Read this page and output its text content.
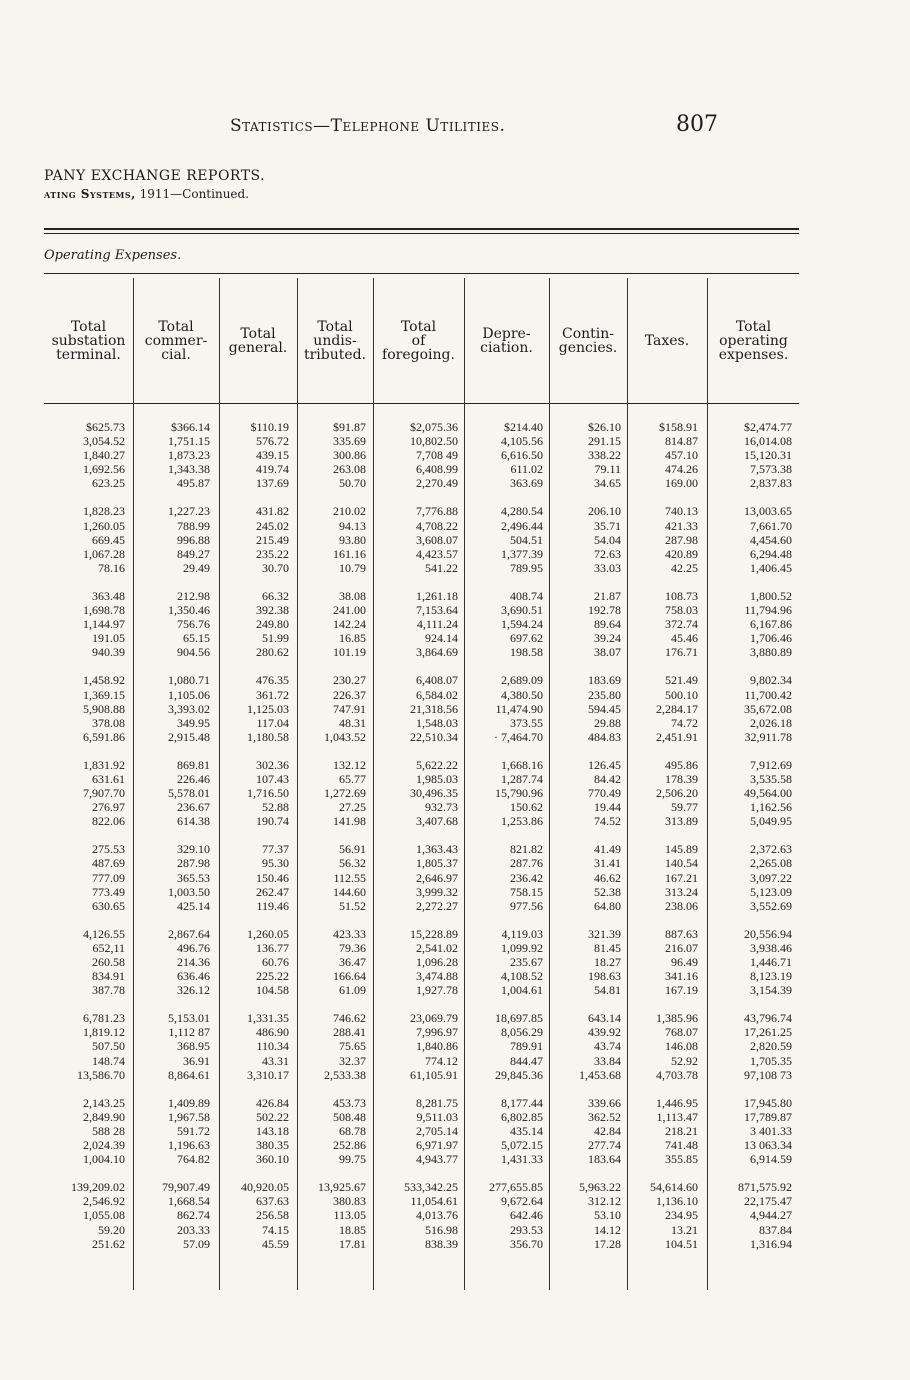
Statistics—Telephone Utilities.	807
PANY EXCHANGE REPORTS.
ating Systems, 1911—Continued.
Operating Expenses.
Total
substation
terminal.
$625.73
3,054.52
1,840.27
1,692.56
623.25
1,828.23
1,260.05
669.45
1,067.28
78.16
363.48
1,698.78
1,144.97
191.05
940.39
1,458.92
1,369.15
5,908.88
378.08
6,591.86
1,831.92
631.61
7,907.70
276.97
822.06
275.53
487.69
777.09
773.49
630.65
4,126.55
652,11
260.58
834.91
387.78
6,781.23
1,819.12
507.50
148.74
13,586.70
2,143.25
2,849.90
588 28
2,024.39
1,004.10
139,209.02
2,546.92
1,055.08
59.20
251.62
Total
commer-
cial.
$366.14
1,751.15
1,873.23
1,343.38
495.87
1,227.23
788.99
996.88
849.27
29.49
212.98
1,350.46
756.76
65.15
904.56
1,080.71
1,105.06
3,393.02
349.95
2,915.48
869.81
226.46
5,578.01
236.67
614.38
329.10
287.98
365.53
1,003.50
425.14
2,867.64
496.76
214.36
636.46
326.12
5,153.01
1,112 87
368.95
36.91
8,864.61
1,409.89
1,967.58
591.72
1,196.63
764.82
79,907.49
1,668.54
862.74
203.33
57.09
Total
general.
$110.19
576.72
439.15
419.74
137.69
431.82
245.02
215.49
235.22
30.70
66.32
392.38
249.80
51.99
280.62
476.35
361.72
1,125.03
117.04
1,180.58
302.36
107.43
1,716.50
52.88
190.74
77.37
95.30
150.46
262.47
119.46
1,260.05
136.77
60.76
225.22
104.58
1,331.35
486.90
110.34
43.31
3,310.17
426.84
502.22
143.18
380.35
360.10
40,920.05
637.63
256.58
74.15
45.59
Total
undis-
tributed.
$91.87
335.69
300.86
263.08
50.70
210.02
94.13
93.80
161.16
10.79
38.08
241.00
142.24
16.85
101.19
230.27
226.37
747.91
48.31
1,043.52
132.12
65.77
1,272.69
27.25
141.98
56.91
56.32
112.55
144.60
51.52
423.33
79.36
36.47
166.64
61.09
746.62
288.41
75.65
32.37
2,533.38
453.73
508.48
68.78
252.86
99.75
13,925.67
380.83
113.05
18.85
17.81
Total
of
foregoing.
$2,075.36
10,802.50
7,708 49
6,408.99
2,270.49
7,776.88
4,708.22
3,608.07
4,423.57
541.22
1,261.18
7,153.64
4,111.24
924.14
3,864.69
6,408.07
6,584.02
21,318.56
1,548.03
22,510.34
5,622.22
1,985.03
30,496.35
932.73
3,407.68
1,363.43
1,805.37
2,646.97
3,999.32
2,272.27
15,228.89
2,541.02
1,096.28
3,474.88
1,927.78
23,069.79
7,996.97
1,840.86
774.12
61,105.91
8,281.75
9,511.03
2,705.14
6,971.97
4,943.77
533,342.25
11,054.61
4,013.76
516.98
838.39
Depre-
ciation.
$214.40
4,105.56
6,616.50
611.02
363.69
4,280.54
2,496.44
504.51
1,377.39
789.95
408.74
3,690.51
1,594.24
697.62
198.58
2,689.09
4,380.50
11,474.90
373.55
· 7,464.70
1,668.16
1,287.74
15,790.96
150.62
1,253.86
821.82
287.76
236.42
758.15
977.56
4,119.03
1,099.92
235.67
4,108.52
1,004.61
18,697.85
8,056.29
789.91
844.47
29,845.36
8,177.44
6,802.85
435.14
5,072.15
1,431.33
277,655.85
9,672.64
642.46
293.53
356.70
Contin-
gencies.
$26.10
291.15
338.22
79.11
34.65
206.10
35.71
54.04
72.63
33.03
21.87
192.78
89.64
39.24
38.07
183.69
235.80
594.45
29.88
484.83
126.45
84.42
770.49
19.44
74.52
41.49
31.41
46.62
52.38
64.80
321.39
81.45
18.27
198.63
54.81
643.14
439.92
43.74
33.84
1,453.68
339.66
362.52
42.84
277.74
183.64
5,963.22
312.12
53.10
14.12
17.28
Taxes.
$158.91
814.87
457.10
474.26
169.00
740.13
421.33
287.98
420.89
42.25
108.73
758.03
372.74
45.46
176.71
521.49
500.10
2,284.17
74.72
2,451.91
495.86
178.39
2,506.20
59.77
313.89
145.89
140.54
167.21
313.24
238.06
887.63
216.07
96.49
341.16
167.19
1,385.96
768.07
146.08
52.92
4,703.78
1,446.95
1,113.47
218.21
741.48
355.85
54,614.60
1,136.10
234.95
13.21
104.51
Total
operating
expenses.
$2,474.77
16,014.08
15,120.31
7,573.38
2,837.83
13,003.65
7,661.70
4,454.60
6,294.48
1,406.45
1,800.52
11,794.96
6,167.86
1,706.46
3,880.89
9,802.34
11,700.42
35,672.08
2,026.18
32,911.78
7,912.69
3,535.58
49,564.00
1,162.56
5,049.95
2,372.63
2,265.08
3,097.22
5,123.09
3,552.69
20,556.94
3,938.46
1,446.71
8,123.19
3,154.39
43,796.74
17,261.25
2,820.59
1,705.35
97,108 73
17,945.80
17,789.87
3 401.33
13 063.34
6,914.59
871,575.92
22,175.47
4,944.27
837.84
1,316.94
